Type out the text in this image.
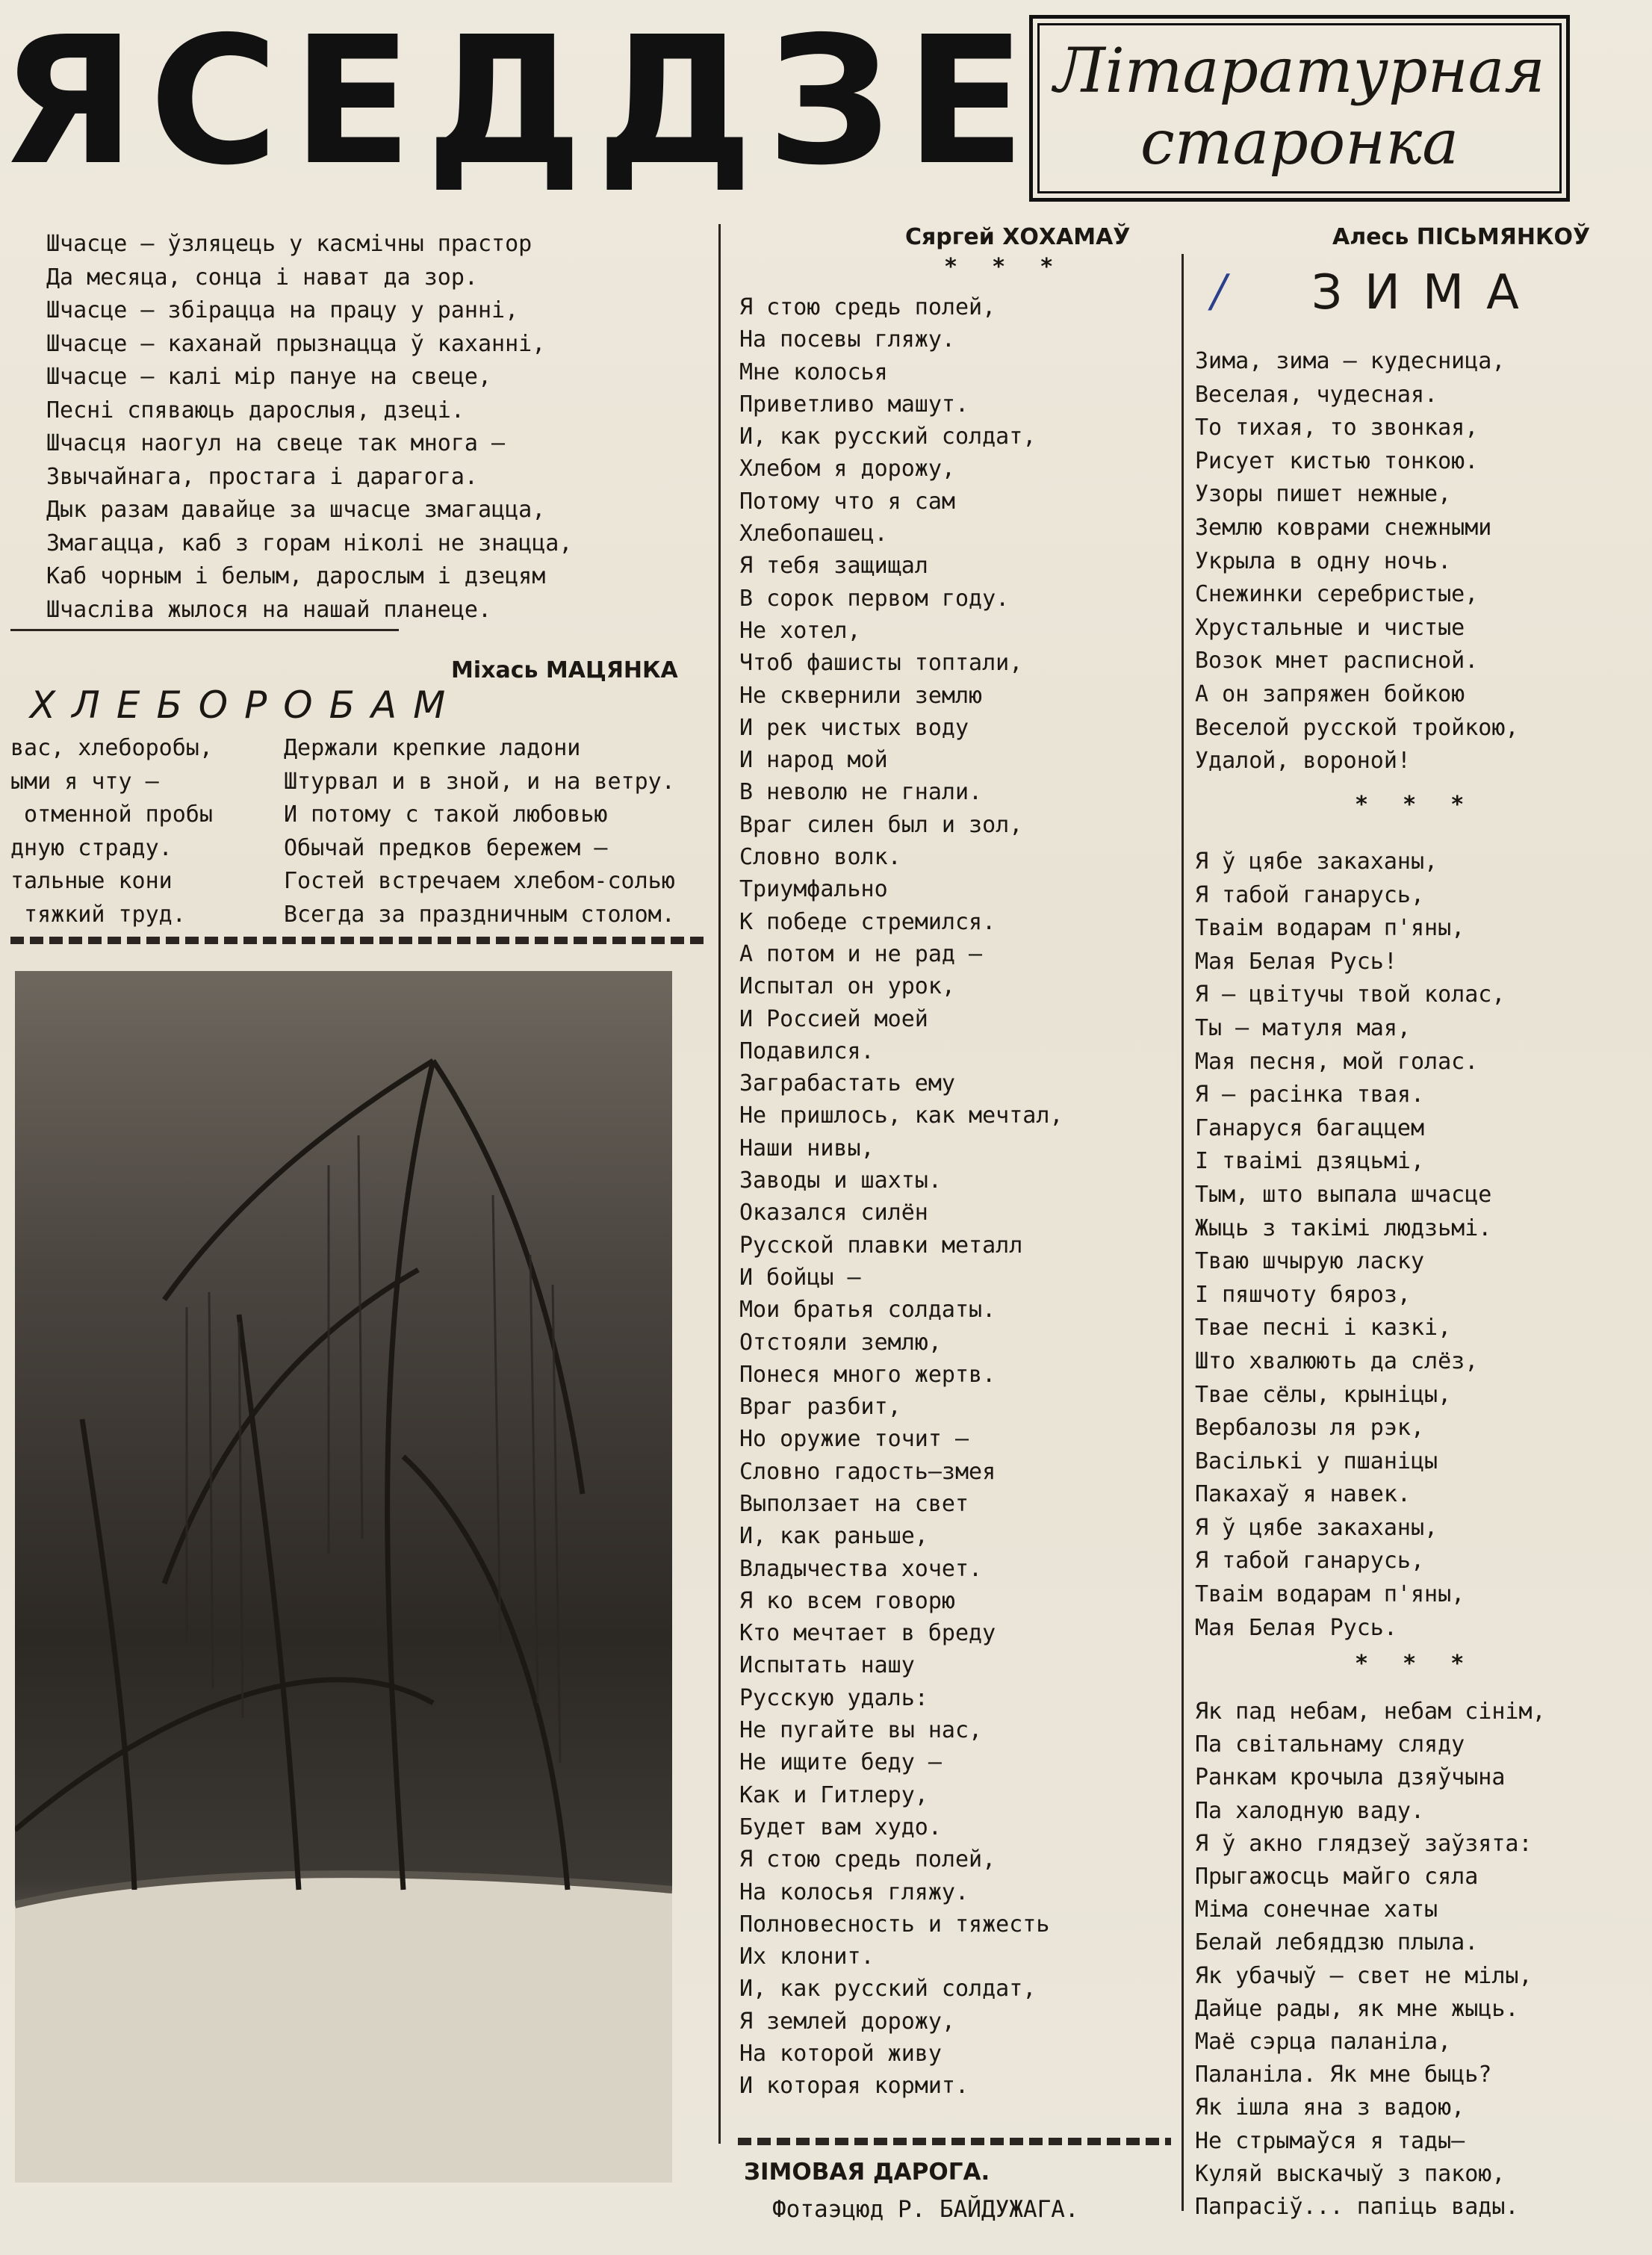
ЯСЕДДЗЕ Літаратурная
старонка
Шчасце — ўзляцець у касмічны прастор
Да месяца, сонца і нават да зор.
Шчасце — збірацца на працу у ранні,
Шчасце — каханай прызнацца ў каханні,
Шчасце — калі мір пануе на свеце,
Песні спяваюць дарослыя, дзеці.
Шчасця наогул на свеце так многа —
Звычайнага, простага і дарагога.
Дык разам давайце за шчасце змагацца,
Змагацца, каб з горам ніколі не знацца,
Каб чорным і белым, дарослым і дзецям
Шчаслiва жылося на нашай планеце.
Міхась МАЦЯНКА
ХЛЕБОРОБАМ
вас, хлеборобы,
ыми я чту —
отменной пробы
дную страду.
тальные кони
тяжкий труд.
Держали крепкие ладони
Штурвал и в зной, и на ветру.
И потому с такой любовью
Обычай предков бережем —
Гостей встречаем хлебом-солью
Всегда за праздничным столом.
Сяргей ХОХАМАЎ
* * *
Я стою средь полей,
На посевы гляжу.
Мне колосья
Приветливо машут.
И, как русский солдат,
Хлебом я дорожу,
Потому что я сам
Хлебопашец.
Я тебя защищал
В сорок первом году.
Не хотел,
Чтоб фашисты топтали,
Не сквернили землю
И рек чистых воду
И народ мой
В неволю не гнали.
Враг силен был и зол,
Словно волк.
Триумфально
К победе стремился.
А потом и не рад —
Испытал он урок,
И Россией моей
Подавился.
Заграбастать ему
Не пришлось, как мечтал,
Наши нивы,
Заводы и шахты.
Оказался силён
Русской плавки металл
И бойцы —
Мои братья солдаты.
Отстояли землю,
Понеся много жертв.
Враг разбит,
Но оружие точит —
Словно гадость—змея
Выползает на свет
И, как раньше,
Владычества хочет.
Я ко всем говорю
Кто мечтает в бреду
Испытать нашу
Русскую удаль:
Не пугайте вы нас,
Не ищите беду —
Как и Гитлеру,
Будет вам худо.
Я стою средь полей,
На колосья гляжу.
Полновесность и тяжесть
Их клонит.
И, как русский солдат,
Я землей дорожу,
На которой живу
И которая кормит.
ЗІМОВАЯ ДАРОГА.
Фотаэцюд Р. БАЙДУЖАГА.
Алесь ПІСЬМЯНКОЎ
/ ЗИМА
Зима, зима — кудесница,
Веселая, чудесная.
То тихая, то звонкая,
Рисует кистью тонкою.
Узоры пишет нежные,
Землю коврами снежными
Укрыла в одну ночь.
Снежинки серебристые,
Хрустальные и чистые
Возок мнет расписной.
А он запряжен бойкою
Веселой русской тройкою,
Удалой, вороной!
* * *
Я ў цябе закаханы,
Я табой ганарусь,
Тваім водарам п'яны,
Мая Белая Русь!
Я — цвітучы твой колас,
Ты — матуля мая,
Мая песня, мой голас.
Я — расінка твая.
Ганаруся багаццем
I тваімі дзяцьмі,
Тым, што выпала шчасце
Жыць з такімі людзьмі.
Тваю шчырую ласку
I пяшчоту бяроз,
Твае песні і казкі,
Што хвалюють да слёз,
Твае сёлы, крыніцы,
Вербалозы ля рэк,
Васількі у пшаніцы
Пакахаў я навек.
Я ў цябе закаханы,
Я табой ганарусь,
Тваім водарам п'яны,
Мая Белая Русь.
* * *
Як пад небам, небам сінім,
Па світальнаму сляду
Ранкам крочыла дзяўчына
Па халодную ваду.
Я ў акно глядзеў заўзята:
Прыгажосць майго сяла
Міма сонечнае хаты
Белай лебяддзю плыла.
Як убачыў — свет не мілы,
Дайце рады, як мне жыць.
Маё сэрца паланіла,
Паланіла. Як мне быць?
Як ішла яна з вадою,
Не стрымаўся я тады—
Куляй выскачыў з пакою,
Папрасіў... папіць вады.
